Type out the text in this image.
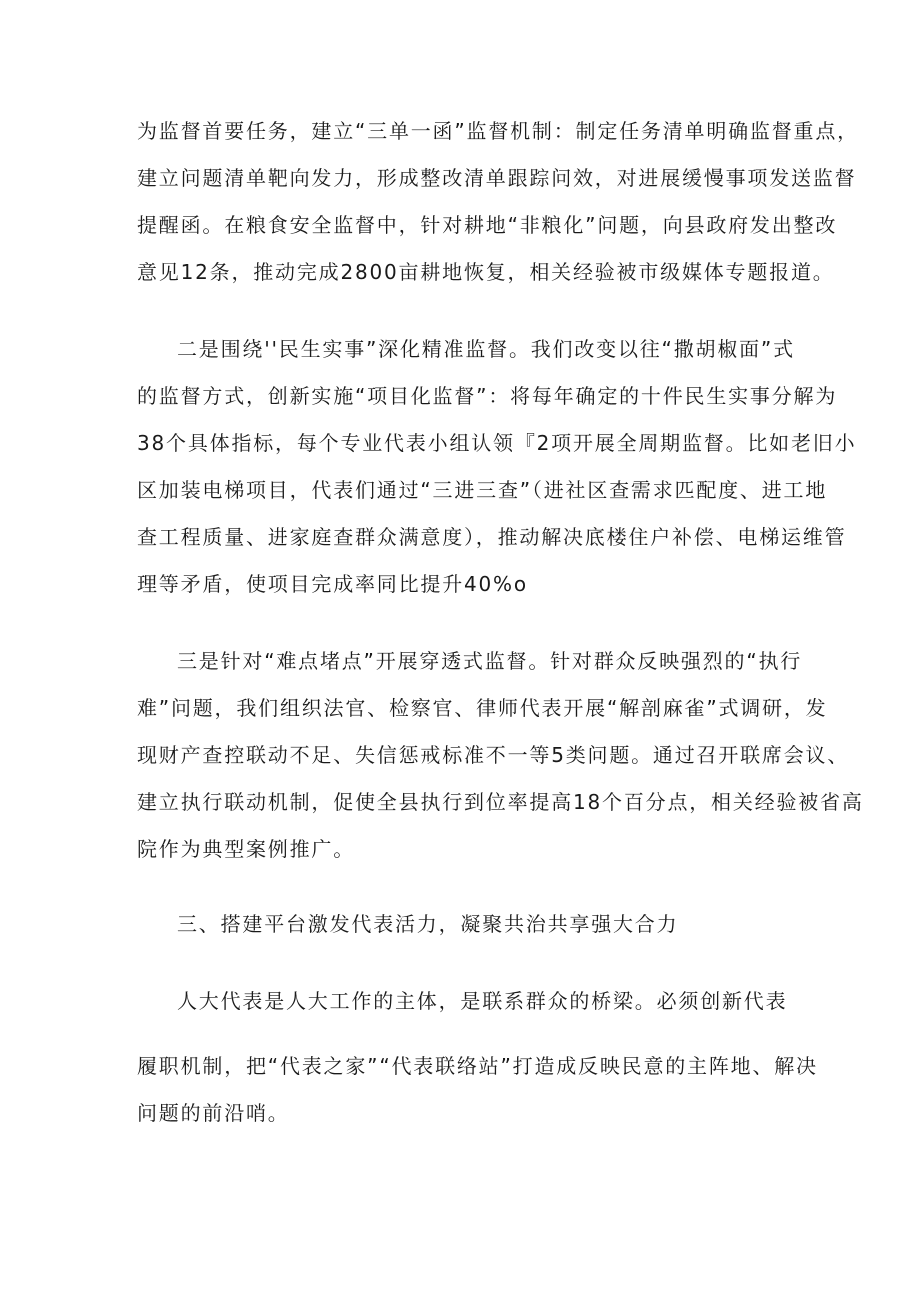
为监督首要任务，建立“三单一函”监督机制：制定任务清单明确监督重点，
建立问题清单靶向发力，形成整改清单跟踪问效，对进展缓慢事项发送监督
提醒函。在粮食安全监督中，针对耕地“非粮化”问题，向县政府发出整改
意见12条，推动完成2800亩耕地恢复，相关经验被市级媒体专题报道。
二是围绕''民生实事”深化精准监督。我们改变以往“撒胡椒面”式
的监督方式，创新实施“项目化监督”：将每年确定的十件民生实事分解为
38个具体指标，每个专业代表小组认领『2项开展全周期监督。比如老旧小
区加装电梯项目，代表们通过“三进三查”（进社区查需求匹配度、进工地
查工程质量、进家庭查群众满意度），推动解决底楼住户补偿、电梯运维管
理等矛盾，使项目完成率同比提升40%o
三是针对“难点堵点”开展穿透式监督。针对群众反映强烈的“执行
难”问题，我们组织法官、检察官、律师代表开展“解剖麻雀”式调研，发
现财产查控联动不足、失信惩戒标准不一等5类问题。通过召开联席会议、
建立执行联动机制，促使全县执行到位率提高18个百分点，相关经验被省高
院作为典型案例推广。
三、搭建平台激发代表活力，凝聚共治共享强大合力
人大代表是人大工作的主体，是联系群众的桥梁。必须创新代表
履职机制，把“代表之家”“代表联络站”打造成反映民意的主阵地、解决
问题的前沿哨。
